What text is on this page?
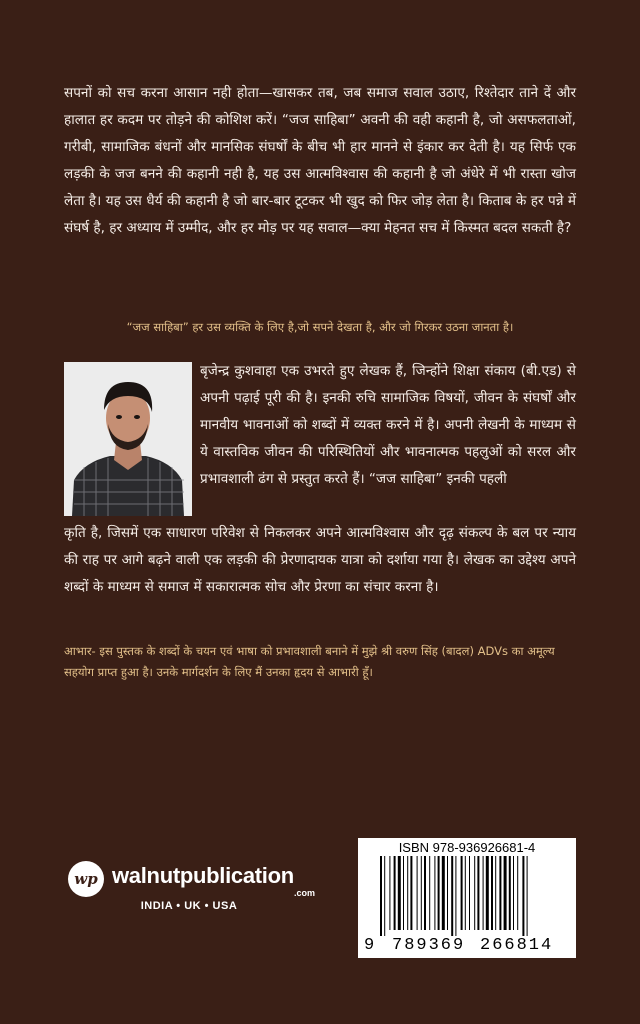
सपनों को सच करना आसान नही होता—खासकर तब, जब समाज सवाल उठाए, रिश्तेदार ताने दें और हालात हर कदम पर तोड़ने की कोशिश करें। “जज साहिबा” अवनी की वही कहानी है, जो असफलताओं, गरीबी, सामाजिक बंधनों और मानसिक संघर्षों के बीच भी हार मानने से इंकार कर देती है। यह सिर्फ एक लड़की के जज बनने की कहानी नही है, यह उस आत्मविश्वास की कहानी है जो अंधेरे में भी रास्ता खोज लेता है। यह उस धैर्य की कहानी है जो बार-बार टूटकर भी खुद को फिर जोड़ लेता है। किताब के हर पन्ने में संघर्ष है, हर अध्याय में उम्मीद, और हर मोड़ पर यह सवाल—क्या मेहनत सच में किस्मत बदल सकती है?

“जज साहिबा” हर उस व्यक्ति के लिए है,जो सपने देखता है, और जो गिरकर उठना जानता है।

बृजेन्द्र कुशवाहा एक उभरते हुए लेखक हैं, जिन्होंने शिक्षा संकाय (बी.एड) से अपनी पढ़ाई पूरी की है। इनकी रुचि सामाजिक विषयों, जीवन के संघर्षों और मानवीय भावनाओं को शब्दों में व्यक्त करने में है। अपनी लेखनी के माध्यम से ये वास्तविक जीवन की परिस्थितियों और भावनात्मक पहलुओं को सरल और प्रभावशाली ढंग से प्रस्तुत करते हैं। “जज साहिबा” इनकी पहली

कृति है, जिसमें एक साधारण परिवेश से निकलकर अपने आत्मविश्वास और दृढ़ संकल्प के बल पर न्याय की राह पर आगे बढ़ने वाली एक लड़की की प्रेरणादायक यात्रा को दर्शाया गया है। लेखक का उद्देश्य अपने शब्दों के माध्यम से समाज में सकारात्मक सोच और प्रेरणा का संचार करना है।

आभार- इस पुस्तक के शब्दों के चयन एवं भाषा को प्रभावशाली बनाने में मुझे श्री वरुण सिंह (बादल) ADVs का अमूल्य सहयोग प्राप्त हुआ है। उनके मार्गदर्शन के लिए मैं उनका हृदय से आभारी हूँ।

wp walnutpublication
.com
INDIA • UK • USA
ISBN 978-936926681-4
9 789369 266814
